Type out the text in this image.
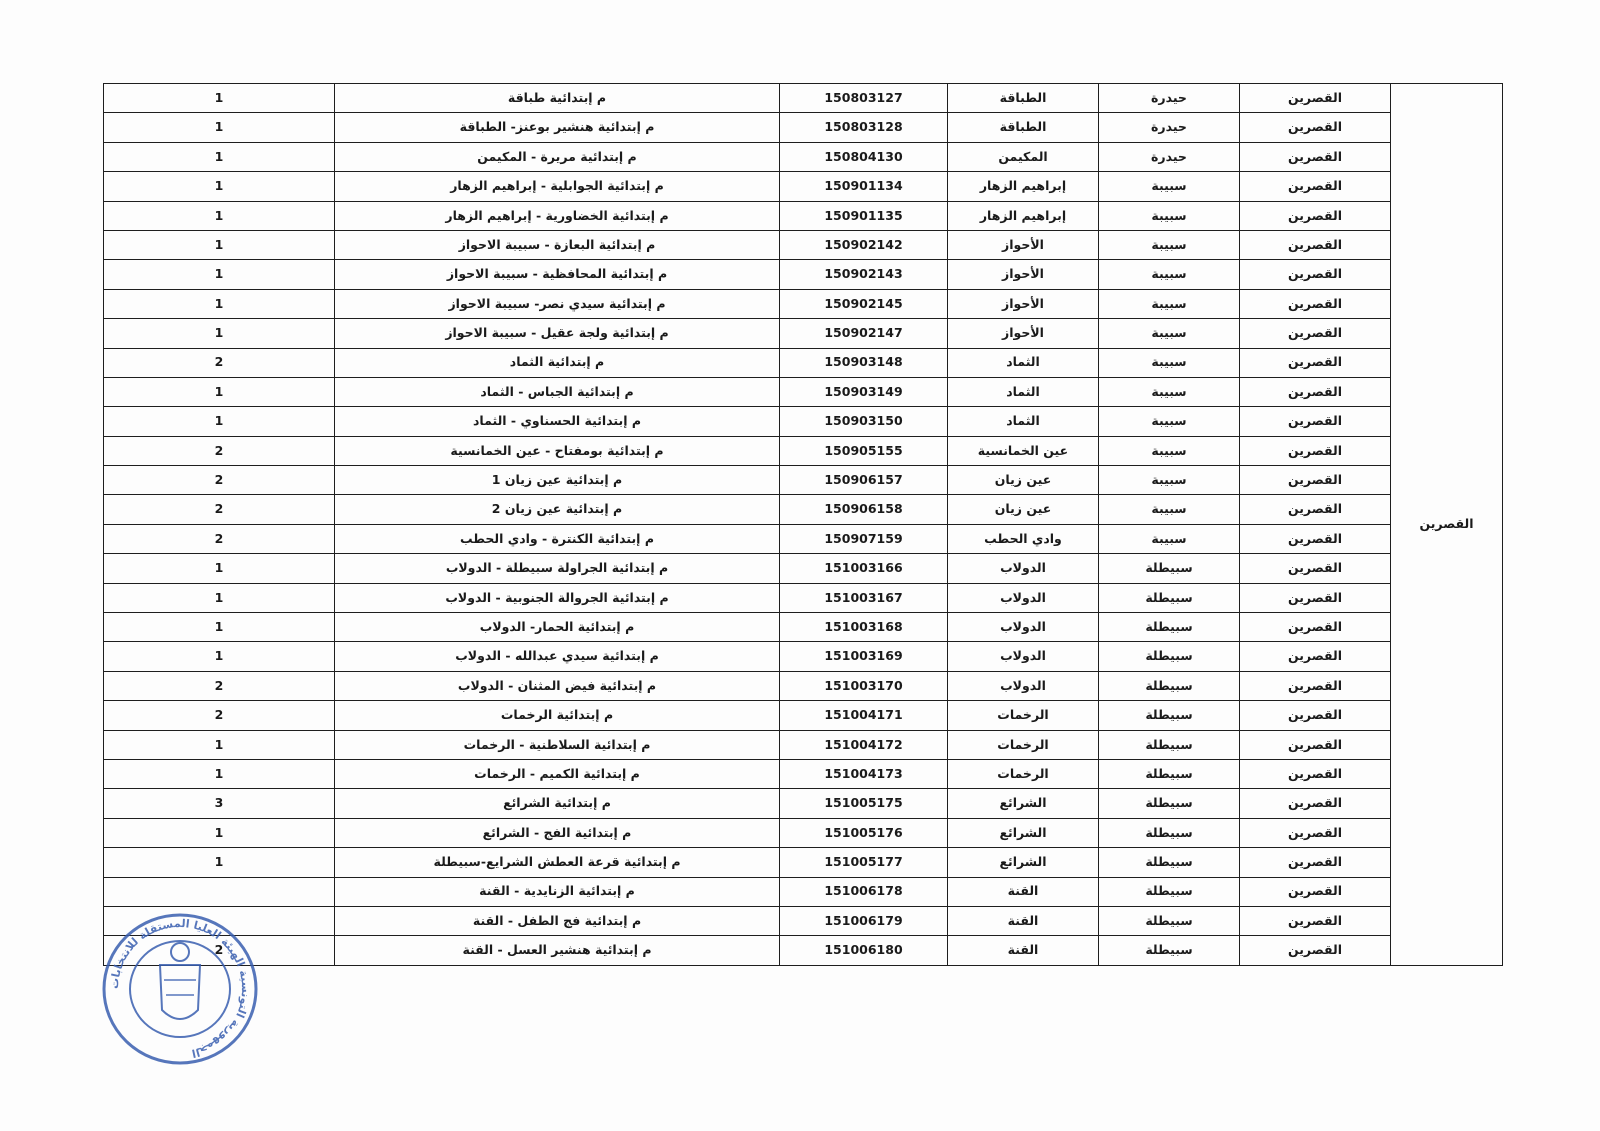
1	م إبتدائية طباقة	150803127	الطباقة	حيدرة	القصرين	القصرين
1	م إبتدائية هنشير بوعنز- الطباقة	150803128	الطباقة	حيدرة	القصرين	
1	م إبتدائية مريرة - المكيمن	150804130	المكيمن	حيدرة	القصرين	
1	م إبتدائية الجوابلية - إبراهيم الزهار	150901134	إبراهيم الزهار	سبيبة	القصرين	
1	م إبتدائية الخضاورية - إبراهيم الزهار	150901135	إبراهيم الزهار	سبيبة	القصرين	
1	م إبتدائية البعازة - سبيبة الاحواز	150902142	الأحواز	سبيبة	القصرين	
1	م إبتدائية المحافظية - سبيبة الاحواز	150902143	الأحواز	سبيبة	القصرين	
1	م إبتدائية سيدي نصر- سبيبة الاحواز	150902145	الأحواز	سبيبة	القصرين	
1	م إبتدائية ولجة عقيل - سبيبة الاحواز	150902147	الأحواز	سبيبة	القصرين	
2	م إبتدائية الثماد	150903148	الثماد	سبيبة	القصرين	
1	م إبتدائية الجباس - الثماد	150903149	الثماد	سبيبة	القصرين	
1	م إبتدائية الحسناوي - الثماد	150903150	الثماد	سبيبة	القصرين	
2	م إبتدائية بومفتاح - عين الخمانسية	150905155	عين الخمانسية	سبيبة	القصرين	
2	م إبتدائية عين زيان 1	150906157	عين زيان	سبيبة	القصرين	
2	م إبتدائية عين زيان 2	150906158	عين زيان	سبيبة	القصرين	
2	م إبتدائية الكنترة - وادي الحطب	150907159	وادي الحطب	سبيبة	القصرين	
1	م إبتدائية الجراولة سبيطلة - الدولاب	151003166	الدولاب	سبيطلة	القصرين	
1	م إبتدائية الجروالة الجنوبية - الدولاب	151003167	الدولاب	سبيطلة	القصرين	
1	م إبتدائية الحمار- الدولاب	151003168	الدولاب	سبيطلة	القصرين	
1	م إبتدائية سيدي عبدالله - الدولاب	151003169	الدولاب	سبيطلة	القصرين	
2	م إبتدائية فيض المثنان - الدولاب	151003170	الدولاب	سبيطلة	القصرين	
2	م إبتدائية الرخمات	151004171	الرخمات	سبيطلة	القصرين	
1	م إبتدائية السلاطنية - الرخمات	151004172	الرخمات	سبيطلة	القصرين	
1	م إبتدائية الكميم - الرخمات	151004173	الرخمات	سبيطلة	القصرين	
3	م إبتدائية الشرائع	151005175	الشرائع	سبيطلة	القصرين	
1	م إبتدائية الفج - الشرائع	151005176	الشرائع	سبيطلة	القصرين	
1	م إبتدائية قرعة العطش الشرايع-سبيطلة	151005177	الشرائع	سبيطلة	القصرين	
	م إبتدائية الزنايدية - القنة	151006178	القنة	سبيطلة	القصرين	
	م إبتدائية فج الطفل - القنة	151006179	القنة	سبيطلة	القصرين	
2	م إبتدائية هنشير العسل - القنة	151006180	القنة	سبيطلة	القصرين	
الجمهورية التونسية الهيئة العليا المستقلة للانتخابات
